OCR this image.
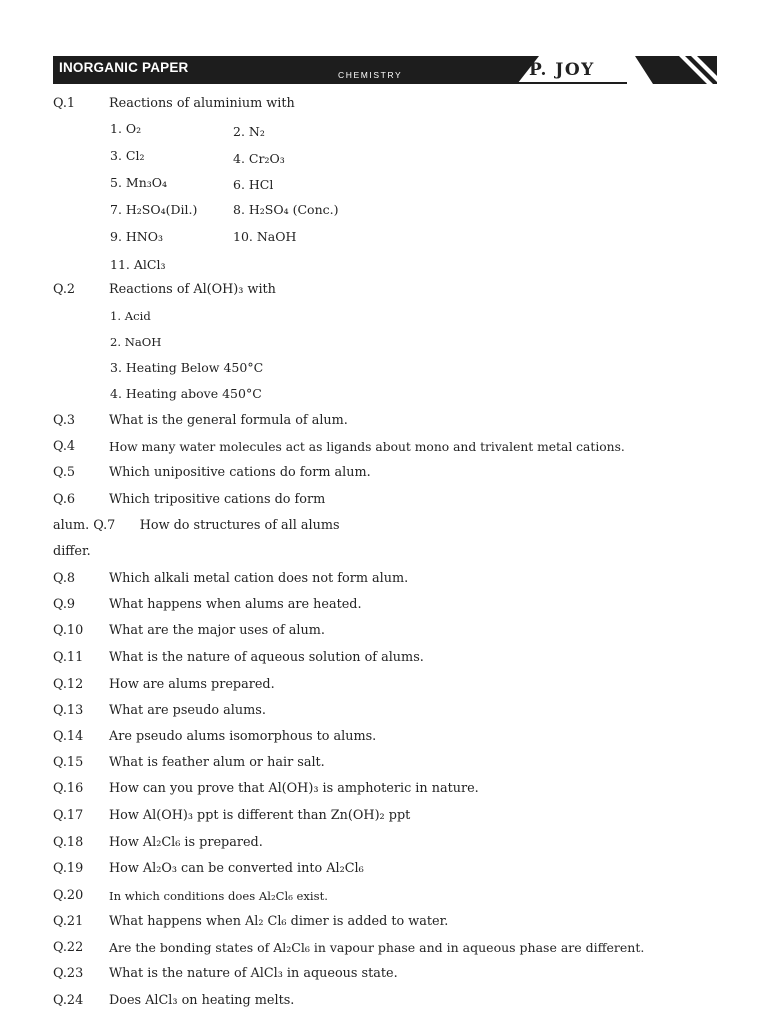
INORGANIC PAPER	CHEMISTRY	P. JOY
Q.1	Reactions of aluminium with
1. O₂	2. N₂
3. Cl₂	4. Cr₂O₃
5. Mn₃O₄	6. HCl
7. H₂SO₄(Dil.)	8. H₂SO₄ (Conc.)
9. HNO₃	10. NaOH
11. AlCl₃
Q.2	Reactions of Al(OH)₃ with
1. Acid
2. NaOH
3. Heating Below 450°C
4. Heating above 450°C
Q.3	What is the general formula of alum.
Q.4	How many water molecules act as ligands about mono and trivalent metal cations.
Q.5	Which unipositive cations do form alum.
Q.6	Which tripositive cations do form
alum. Q.7      How do structures of all alums
differ.
Q.8	Which alkali metal cation does not form alum.
Q.9	What happens when alums are heated.
Q.10 What are the major uses of alum.
Q.11 What is the nature of aqueous solution of alums.
Q.12 How are alums prepared.
Q.13 What are pseudo alums.
Q.14 Are pseudo alums isomorphous to alums.
Q.15 What is feather alum or hair salt.
Q.16 How can you prove that Al(OH)₃ is amphoteric in nature.
Q.17 How Al(OH)₃ ppt is different than Zn(OH)₂ ppt
Q.18 How Al₂Cl₆ is prepared.
Q.19 How Al₂O₃ can be converted into Al₂Cl₆
Q.20 In which conditions does Al₂Cl₆ exist.
Q.21 What happens when Al₂ Cl₆ dimer is added to water.
Q.22 Are the bonding states of Al₂Cl₆ in vapour phase and in aqueous phase are different.
Q.23 What is the nature of AlCl₃ in aqueous state.
Q.24 Does AlCl₃ on heating melts.
